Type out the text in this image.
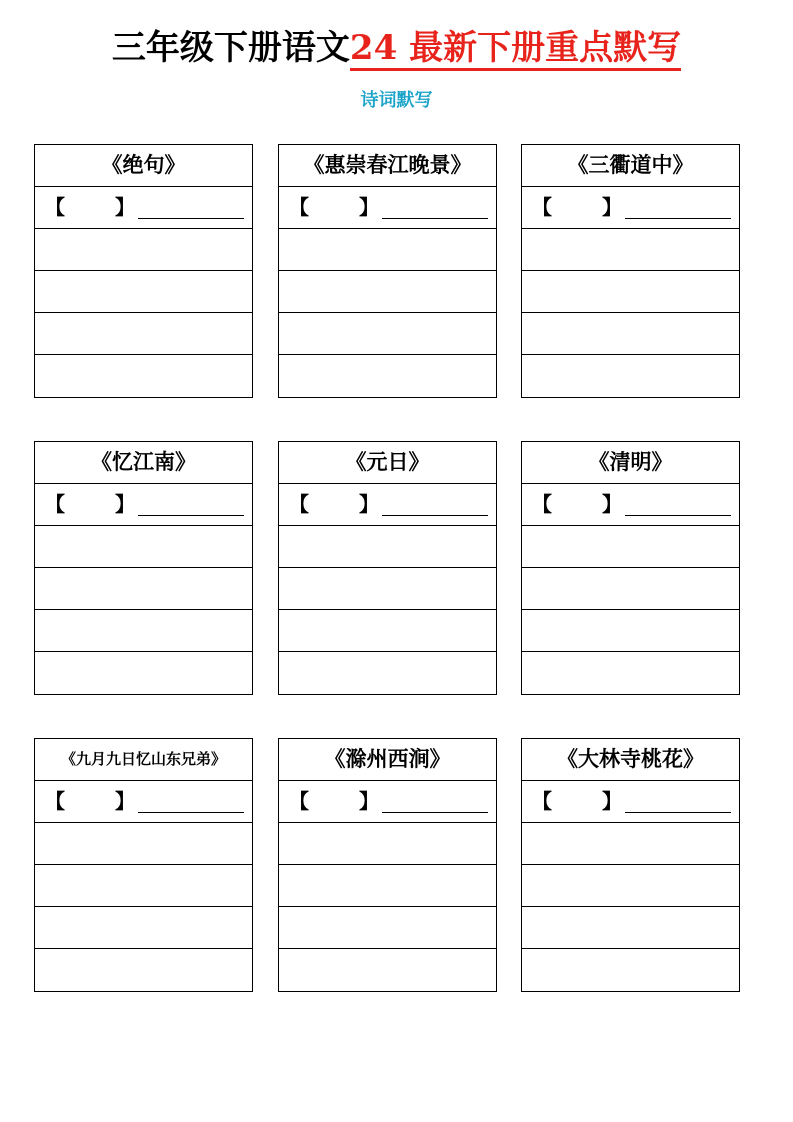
三年级下册语文24 最新下册重点默写
诗词默写
《绝句》
【	】
《惠崇春江晚景》
【	】
《三衢道中》
【	】
《忆江南》
【	】
《元日》
【	】
《清明》
【	】
《九月九日忆山东兄弟》
【	】
《滁州西涧》
【	】
《大林寺桃花》
【	】
